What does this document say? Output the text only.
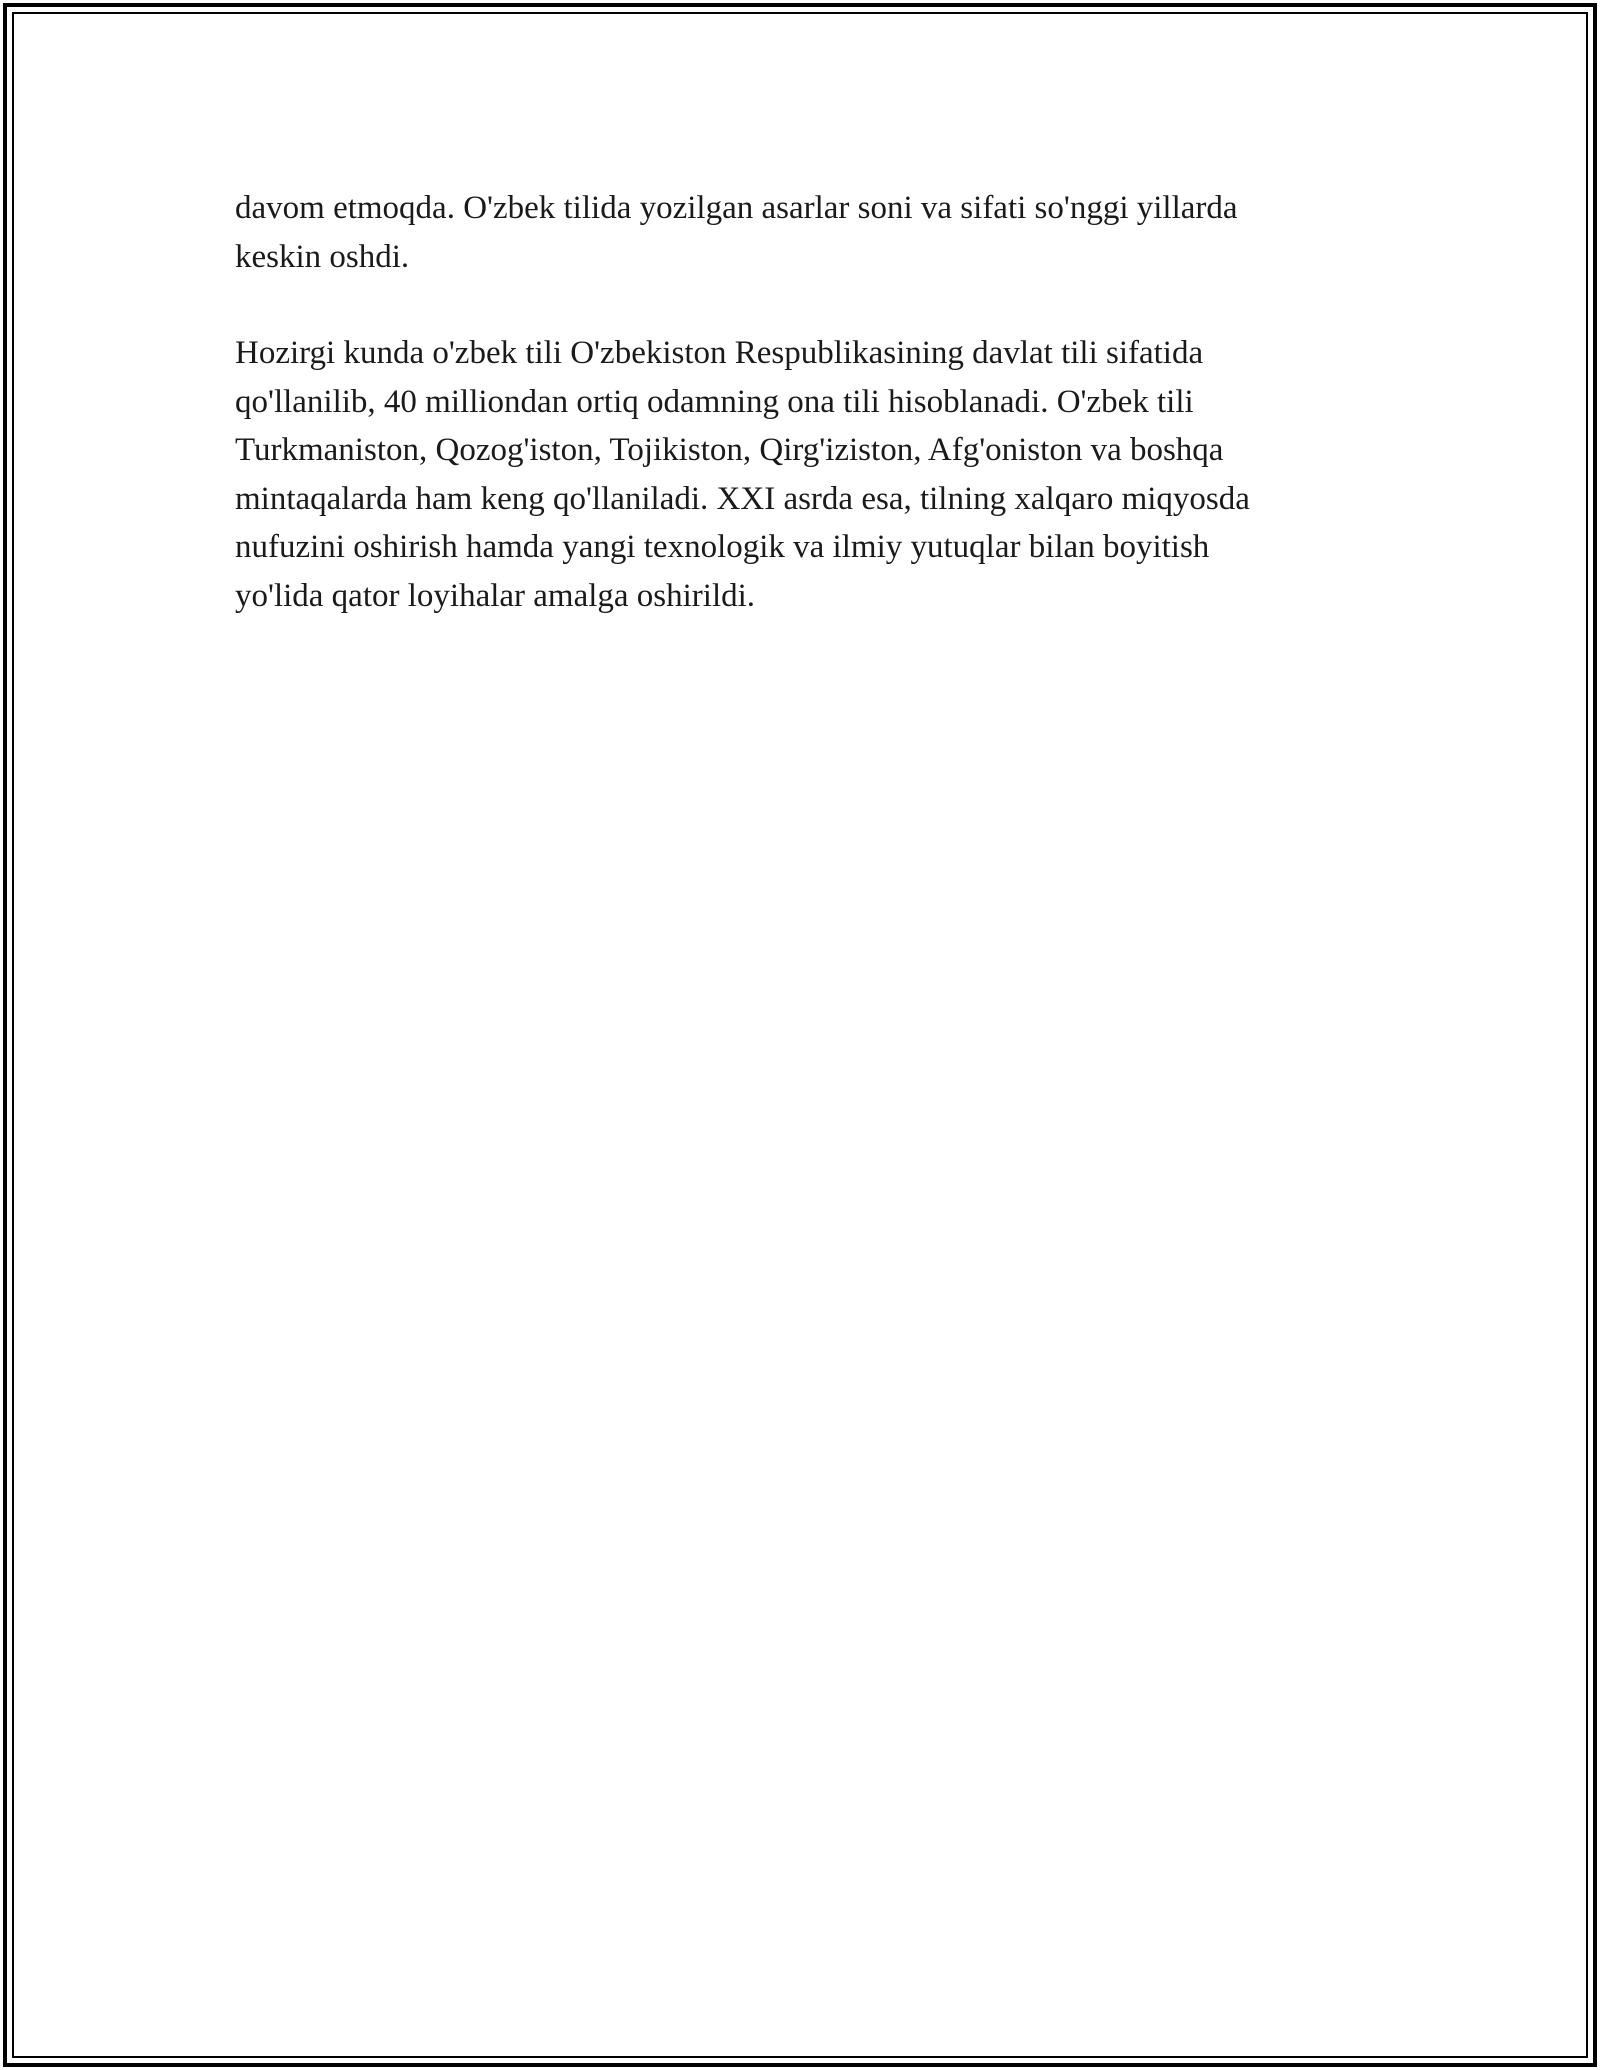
davom etmoqda. O'zbek tilida yozilgan asarlar soni va sifati so'nggi yillarda
keskin oshdi.

Hozirgi kunda o'zbek tili O'zbekiston Respublikasining davlat tili sifatida
qo'llanilib, 40 milliondan ortiq odamning ona tili hisoblanadi. O'zbek tili
Turkmaniston, Qozog'iston, Tojikiston, Qirg'iziston, Afg'oniston va boshqa
mintaqalarda ham keng qo'llaniladi. XXI asrda esa, tilning xalqaro miqyosda
nufuzini oshirish hamda yangi texnologik va ilmiy yutuqlar bilan boyitish
yo'lida qator loyihalar amalga oshirildi.
